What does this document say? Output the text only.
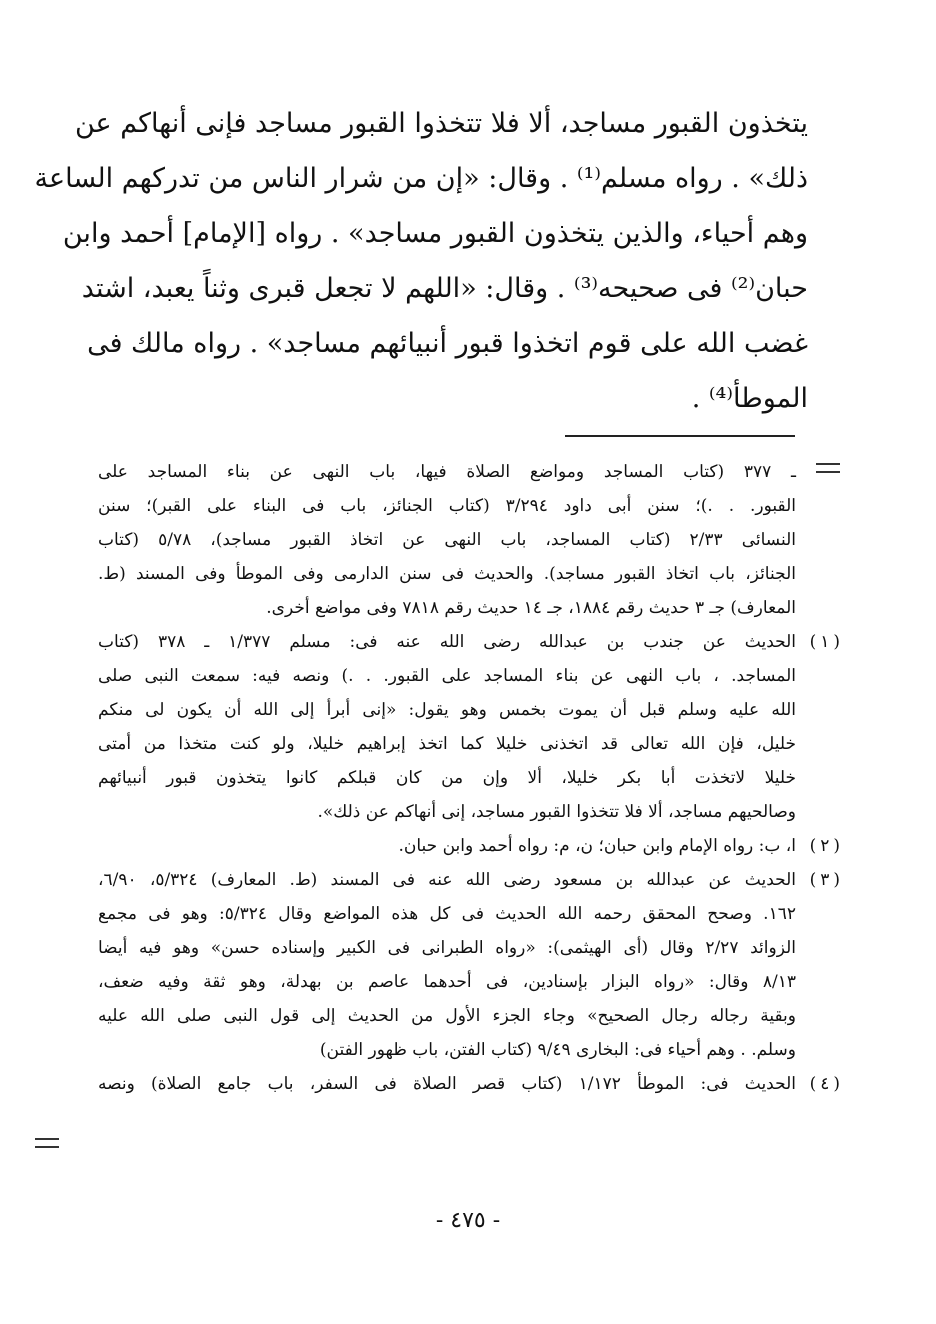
يتخذون القبور مساجد، ألا فلا تتخذوا القبور مساجد فإنى أنهاكم عن
ذلك» . رواه مسلم⁽¹⁾ . وقال: «إن من شرار الناس من تدركهم الساعة
وهم أحياء، والذين يتخذون القبور مساجد» . رواه [الإمام] أحمد وابن
حبان⁽²⁾ فى صحيحه⁽³⁾ . وقال: «اللهم لا تجعل قبرى وثناً يعبد، اشتد
غضب الله على قوم اتخذوا قبور أنبيائهم مساجد» . رواه مالك فى
الموطأ⁽⁴⁾ .
ـ ٣٧٧ (كتاب المساجد ومواضع الصلاة فيها، باب النهى عن بناء المساجد على
القبور. . .)؛ سنن أبى داود ٣/٢٩٤ (كتاب الجنائز، باب فى البناء على القبر)؛ سنن
النسائى ٢/٣٣ (كتاب المساجد، باب النهى عن اتخاذ القبور مساجد)، ٥/٧٨ (كتاب
الجنائز، باب اتخاذ القبور مساجد). والحديث فى سنن الدارمى وفى الموطأ وفى المسند (ط.
المعارف) جـ ٣ حديث رقم ١٨٨٤، جـ ١٤ حديث رقم ٧٨١٨ وفى مواضع أخرى.
(١)
الحديث عن جندب بن عبدالله رضى الله عنه فى: مسلم ١/٣٧٧ ـ ٣٧٨ (كتاب
المساجد. ، باب النهى عن بناء المساجد على القبور. . .) ونصه فيه: سمعت النبى صلى
الله عليه وسلم قبل أن يموت بخمس وهو يقول: «إنى أبرأ إلى الله أن يكون لى منكم
خليل، فإن الله تعالى قد اتخذنى خليلا كما اتخذ إبراهيم خليلا، ولو كنت متخذا من أمتى
خليلا لاتخذت أبا بكر خليلا، ألا وإن من كان قبلكم كانوا يتخذون قبور أنبيائهم
وصالحيهم مساجد، ألا فلا تتخذوا القبور مساجد، إنى أنهاكم عن ذلك».
(٢)
ا، ب: رواه الإمام وابن حبان؛ ن، م: رواه أحمد وابن حبان.
(٣)
الحديث عن عبدالله بن مسعود رضى الله عنه فى المسند (ط. المعارف) ٥/٣٢٤، ٦/٩٠،
١٦٢. وصحح المحقق رحمه الله الحديث فى كل هذه المواضع وقال ٥/٣٢٤: وهو فى مجمع
الزوائد ٢/٢٧ وقال (أى الهيثمى): «رواه الطبرانى فى الكبير وإسناده حسن» وهو فيه أيضا
٨/١٣ وقال: «رواه البزار بإسنادين، فى أحدهما عاصم بن بهدلة، وهو ثقة وفيه ضعف،
وبقية رجاله رجال الصحيح» وجاء الجزء الأول من الحديث إلى قول النبى صلى الله عليه
وسلم. . وهم أحياء فى: البخارى ٩/٤٩ (كتاب الفتن، باب ظهور الفتن)
(٤)
الحديث فى: الموطأ ١/١٧٢ (كتاب قصر الصلاة فى السفر، باب جامع الصلاة) ونصه
- ٤٧٥ -
